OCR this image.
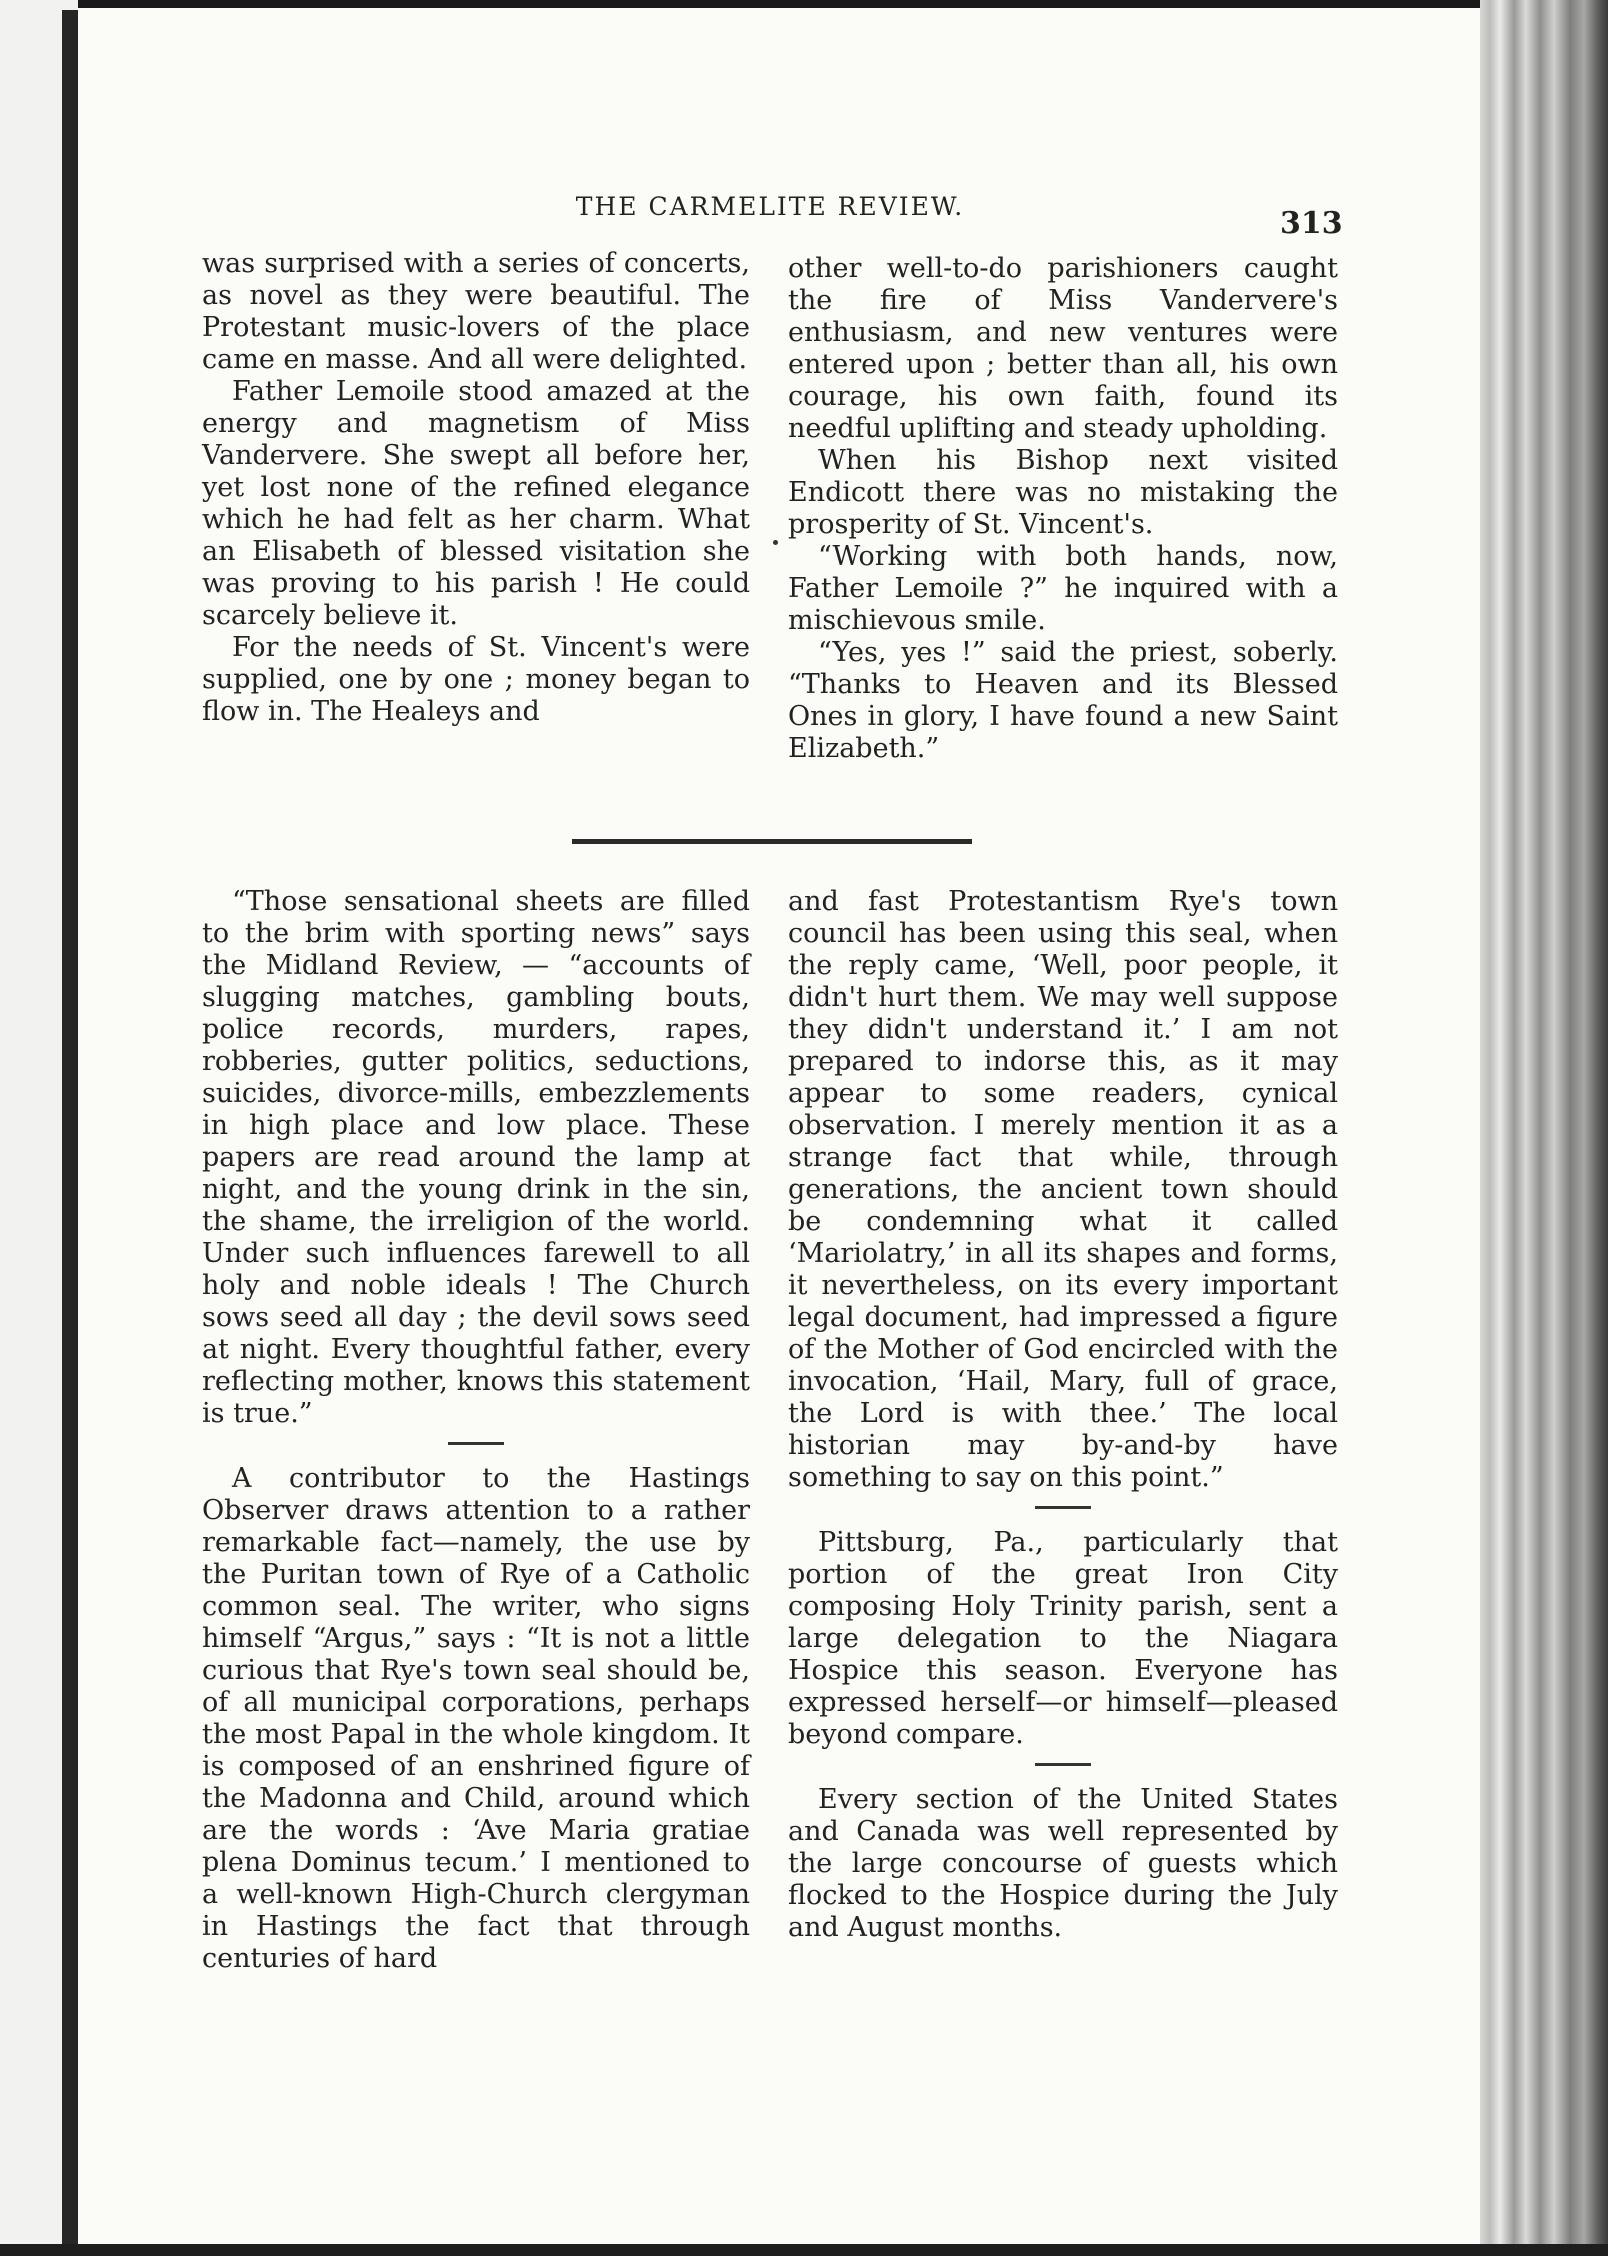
THE CARMELITE REVIEW.	313

was surprised with a series of concerts, as novel as they were beautiful. The Protestant music-lovers of the place came en masse. And all were delighted.

Father Lemoile stood amazed at the energy and magnetism of Miss Vandervere. She swept all before her, yet lost none of the refined elegance which he had felt as her charm. What an Elisabeth of blessed visitation she was proving to his parish ! He could scarcely believe it.

For the needs of St. Vincent's were supplied, one by one ; money began to flow in. The Healeys and

other well-to-do parishioners caught the fire of Miss Vandervere's enthusiasm, and new ventures were entered upon ; better than all, his own courage, his own faith, found its needful uplifting and steady upholding.

When his Bishop next visited Endicott there was no mistaking the prosperity of St. Vincent's.

“Working with both hands, now, Father Lemoile ?” he inquired with a mischievous smile.

“Yes, yes !” said the priest, soberly. “Thanks to Heaven and its Blessed Ones in glory, I have found a new Saint Elizabeth.”

“Those sensational sheets are filled to the brim with sporting news” says the Midland Review, — “accounts of slugging matches, gambling bouts, police records, murders, rapes, robberies, gutter politics, seductions, suicides, divorce-mills, embezzlements in high place and low place. These papers are read around the lamp at night, and the young drink in the sin, the shame, the irreligion of the world. Under such influences farewell to all holy and noble ideals ! The Church sows seed all day ; the devil sows seed at night. Every thoughtful father, every reflecting mother, knows this statement is true.”

A contributor to the Hastings Observer draws attention to a rather remarkable fact—namely, the use by the Puritan town of Rye of a Catholic common seal. The writer, who signs himself “Argus,” says : “It is not a little curious that Rye's town seal should be, of all municipal corporations, perhaps the most Papal in the whole kingdom. It is composed of an enshrined figure of the Madonna and Child, around which are the words : ‘Ave Maria gratiae plena Dominus tecum.’ I mentioned to a well-known High-Church clergyman in Hastings the fact that through centuries of hard

and fast Protestantism Rye's town council has been using this seal, when the reply came, ‘Well, poor people, it didn't hurt them. We may well suppose they didn't understand it.’ I am not prepared to indorse this, as it may appear to some readers, cynical observation. I merely mention it as a strange fact that while, through generations, the ancient town should be condemning what it called ‘Mariolatry,’ in all its shapes and forms, it nevertheless, on its every important legal document, had impressed a figure of the Mother of God encircled with the invocation, ‘Hail, Mary, full of grace, the Lord is with thee.’ The local historian may by-and-by have something to say on this point.”

Pittsburg, Pa., particularly that portion of the great Iron City composing Holy Trinity parish, sent a large delegation to the Niagara Hospice this season. Everyone has expressed herself—or himself—pleased beyond compare.

Every section of the United States and Canada was well represented by the large concourse of guests which flocked to the Hospice during the July and August months.
